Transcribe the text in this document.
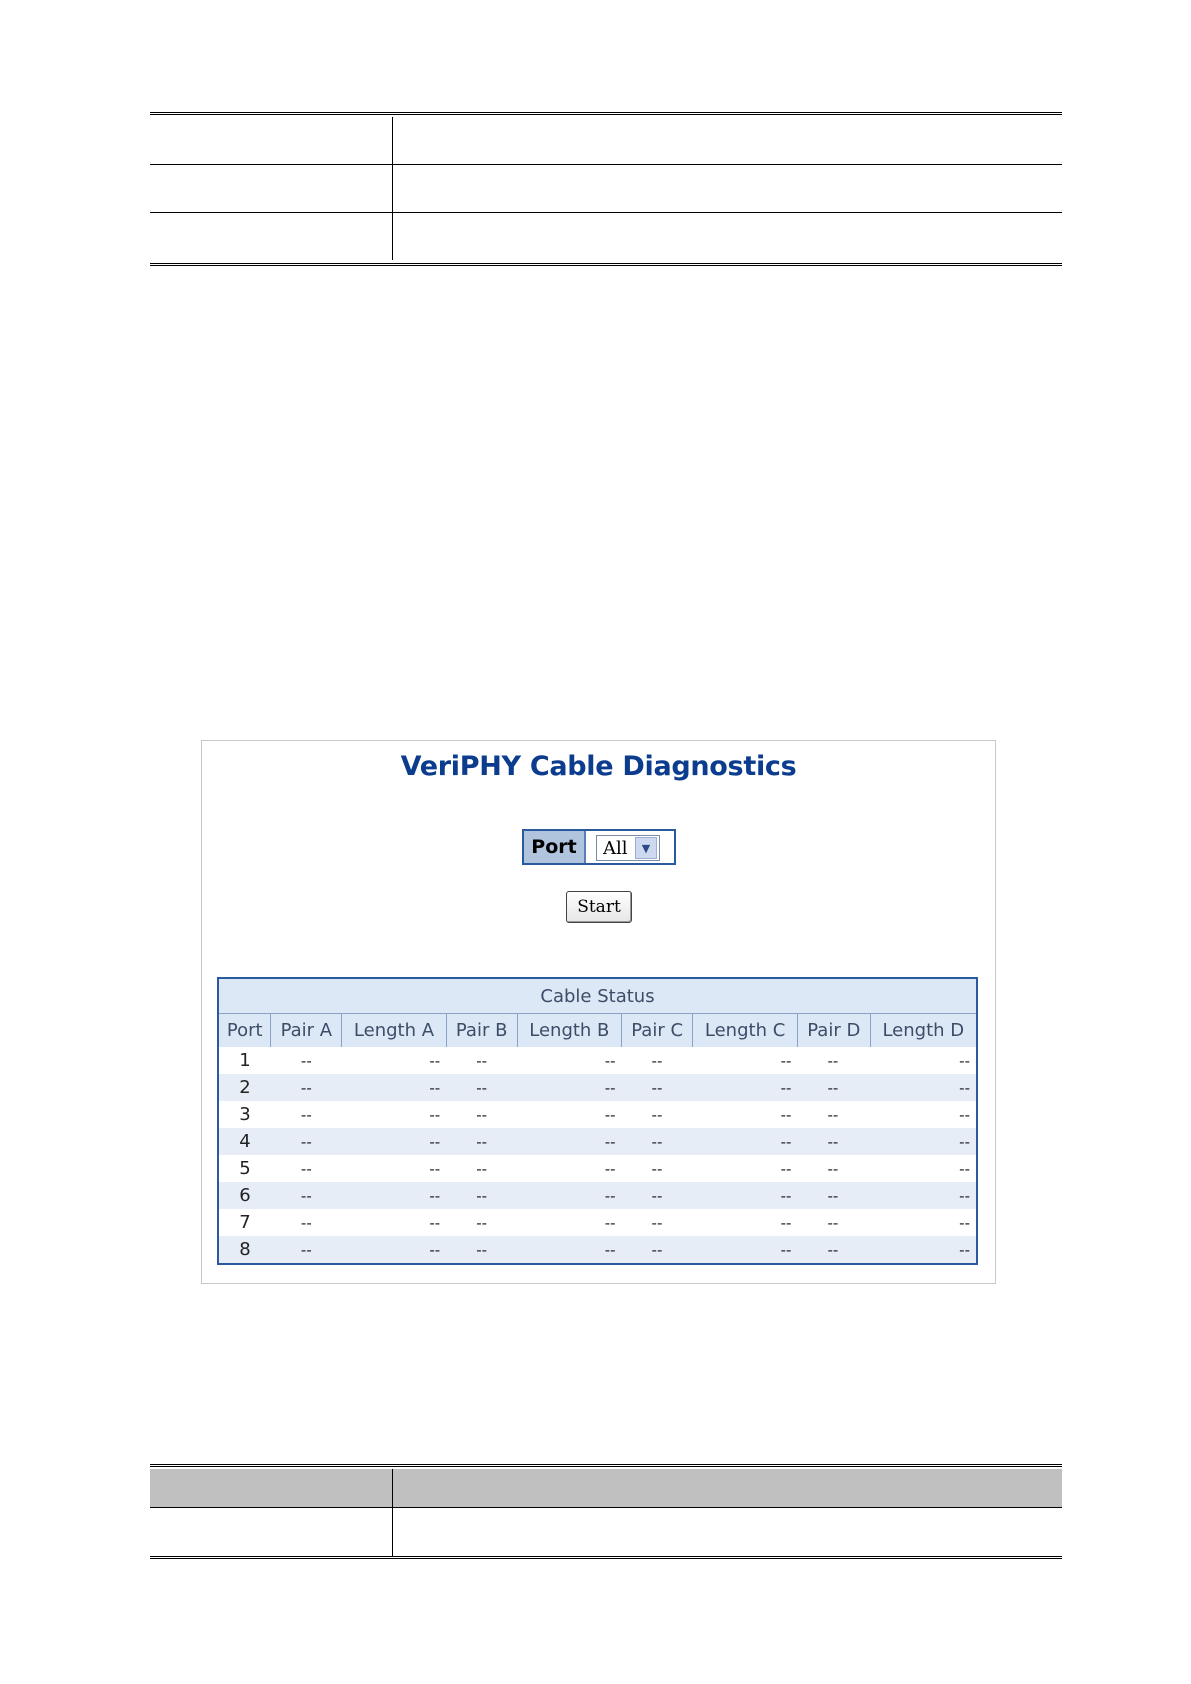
VeriPHY Cable Diagnostics
Port	All	▼
Start
Cable Status								
Port	Pair A	Length A	Pair B	Length B	Pair C	Length C	Pair D	Length D
1	--	--	--	--	--	--	--	--
2	--	--	--	--	--	--	--	--
3	--	--	--	--	--	--	--	--
4	--	--	--	--	--	--	--	--
5	--	--	--	--	--	--	--	--
6	--	--	--	--	--	--	--	--
7	--	--	--	--	--	--	--	--
8	--	--	--	--	--	--	--	--
